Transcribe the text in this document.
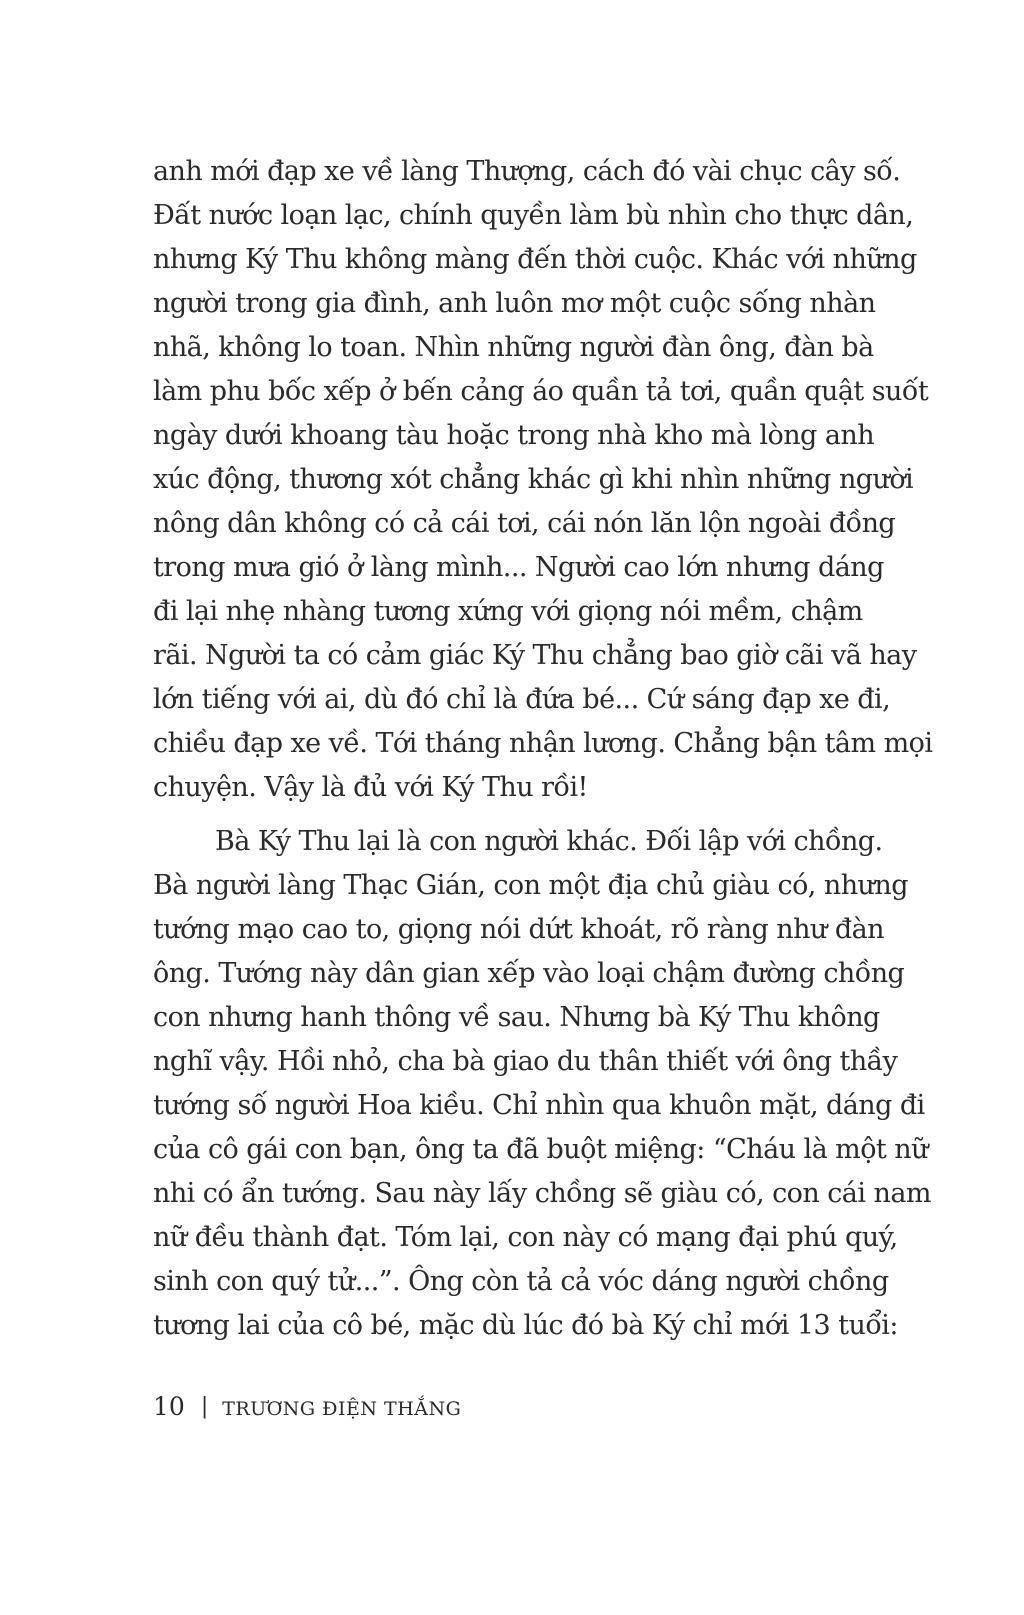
anh mới đạp xe về làng Thượng, cách đó vài chục cây số.
Đất nước loạn lạc, chính quyền làm bù nhìn cho thực dân,
nhưng Ký Thu không màng đến thời cuộc. Khác với những
người trong gia đình, anh luôn mơ một cuộc sống nhàn
nhã, không lo toan. Nhìn những người đàn ông, đàn bà
làm phu bốc xếp ở bến cảng áo quần tả tơi, quần quật suốt
ngày dưới khoang tàu hoặc trong nhà kho mà lòng anh
xúc động, thương xót chẳng khác gì khi nhìn những người
nông dân không có cả cái tơi, cái nón lăn lộn ngoài đồng
trong mưa gió ở làng mình... Người cao lớn nhưng dáng
đi lại nhẹ nhàng tương xứng với giọng nói mềm, chậm
rãi. Người ta có cảm giác Ký Thu chẳng bao giờ cãi vã hay
lớn tiếng với ai, dù đó chỉ là đứa bé... Cứ sáng đạp xe đi,
chiều đạp xe về. Tới tháng nhận lương. Chẳng bận tâm mọi
chuyện. Vậy là đủ với Ký Thu rồi!
Bà Ký Thu lại là con người khác. Đối lập với chồng.
Bà người làng Thạc Gián, con một địa chủ giàu có, nhưng
tướng mạo cao to, giọng nói dứt khoát, rõ ràng như đàn
ông. Tướng này dân gian xếp vào loại chậm đường chồng
con nhưng hanh thông về sau. Nhưng bà Ký Thu không
nghĩ vậy. Hồi nhỏ, cha bà giao du thân thiết với ông thầy
tướng số người Hoa kiều. Chỉ nhìn qua khuôn mặt, dáng đi
của cô gái con bạn, ông ta đã buột miệng: “Cháu là một nữ
nhi có ẩn tướng. Sau này lấy chồng sẽ giàu có, con cái nam
nữ đều thành đạt. Tóm lại, con này có mạng đại phú quý,
sinh con quý tử...”. Ông còn tả cả vóc dáng người chồng
tương lai của cô bé, mặc dù lúc đó bà Ký chỉ mới 13 tuổi:
10 | TRƯƠNG ĐIỆN THẮNG
